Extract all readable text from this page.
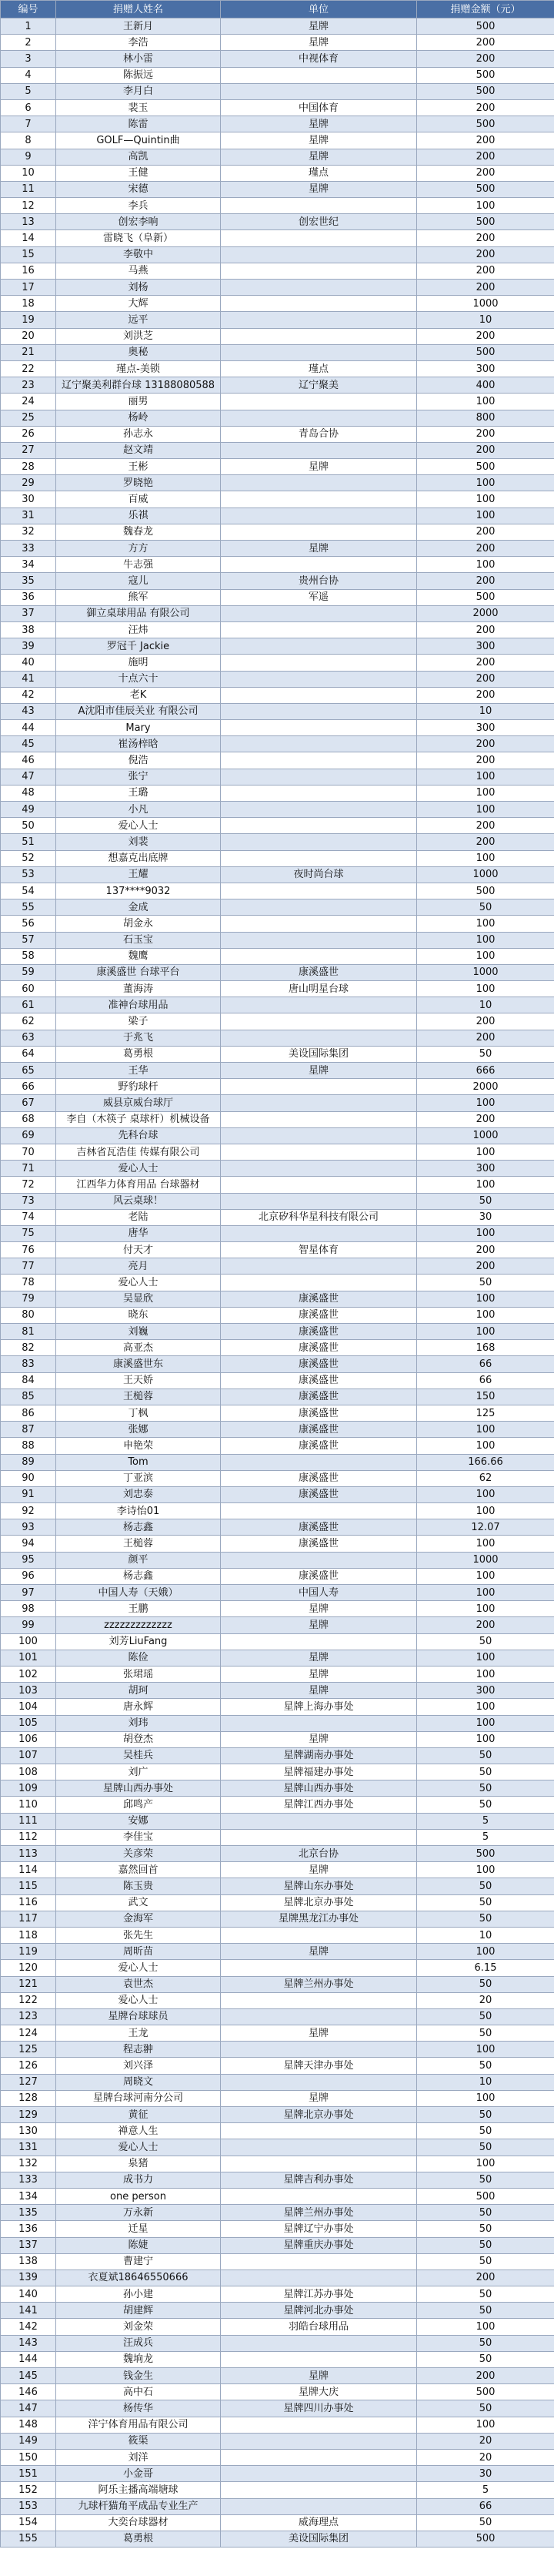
编号	捐赠人姓名	单位	捐赠金额（元）
1	王新月	星牌	500
2	李浩	星牌	200
3	林小雷	中视体育	200
4	陈振远		500
5	李月白		500
6	裴玉	中国体育	200
7	陈雷	星牌	500
8	GOLF—Quintin曲	星牌	200
9	高凯	星牌	200
10	王健	瑾点	200
11	宋德	星牌	500
12	李兵		100
13	创宏李响	创宏世纪	500
14	雷晓飞（阜新）		200
15	李敬中		200
16	马燕		200
17	刘杨		200
18	大辉		1000
19	远平		10
20	刘洪芝		200
21	奥秘		500
22	瑾点-美锁	瑾点	300
23	辽宁聚美利群台球 13188080588	辽宁聚美	400
24	丽男		100
25	杨岭		800
26	孙志永	青岛合协	200
27	赵文靖		200
28	王彬	星牌	500
29	罗晓艳		100
30	百威		100
31	乐祺		100
32	魏春龙		200
33	方方	星牌	200
34	牛志强		100
35	寇儿	贵州台协	200
36	熊军	军遥	500
37	御立桌球用品 有限公司		2000
38	汪炜		200
39	罗冠千 Jackie		300
40	施明		200
41	十点六十		200
42	老K		200
43	A沈阳市佳辰关业 有限公司		10
44	Mary		300
45	崔汤梓晗		200
46	倪浩		200
47	张宁		100
48	王璐		100
49	小凡		100
50	爱心人士		200
51	刘裴		200
52	想嘉克出底牌		100
53	王耀	夜时尚台球	1000
54	137****9032		500
55	金成		50
56	胡金永		100
57	石玉宝		100
58	魏鹰		100
59	康溪盛世 台球平台	康溪盛世	1000
60	董海涛	唐山明星台球	100
61	准神台球用品		10
62	梁子		200
63	于兆飞		200
64	葛勇根	美设国际集团	50
65	王华	星牌	666
66	野豹球杆		2000
67	威县京威台球厅		100
68	李自（木筷子 桌球杆）机械设备		200
69	先科台球		1000
70	吉林省瓦浩佳 传媒有限公司		100
71	爱心人士		300
72	江西华力体育用品 台球器材		100
73	风云桌球！		50
74	老陆	北京矽科华星科技有限公司	30
75	唐华		100
76	付天才	智星体育	200
77	亮月		200
78	爱心人士		50
79	吴显欣	康溪盛世	100
80	晓东	康溪盛世	100
81	刘巍	康溪盛世	100
82	高亚杰	康溪盛世	168
83	康溪盛世东	康溪盛世	66
84	王天娇	康溪盛世	66
85	王槌蓉	康溪盛世	150
86	丁枫	康溪盛世	125
87	张娜	康溪盛世	100
88	申艳荣	康溪盛世	100
89	Tom		166.66
90	丁亚滨	康溪盛世	62
91	刘忠泰	康溪盛世	100
92	李诗怡01		100
93	杨志鑫	康溪盛世	12.07
94	王槌蓉	康溪盛世	100
95	颜平		1000
96	杨志鑫	康溪盛世	100
97	中国人寿（天娥）	中国人寿	100
98	王鹏	星牌	100
99	zzzzzzzzzzzzz	星牌	200
100	刘芳LiuFang		50
101	陈俭	星牌	100
102	张珺瑶	星牌	100
103	胡珂	星牌	300
104	唐永辉	星牌上海办事处	100
105	刘玮		100
106	胡登杰	星牌	100
107	吴桂兵	星牌湖南办事处	50
108	刘广	星牌福建办事处	50
109	星牌山西办事处	星牌山西办事处	50
110	邱鸣产	星牌江西办事处	50
111	安娜		5
112	李佳宝		5
113	关彦荣	北京台协	500
114	嘉然回首	星牌	100
115	陈玉贵	星牌山东办事处	50
116	武文	星牌北京办事处	50
117	金海军	星牌黑龙江办事处	50
118	张先生		10
119	周昕苗	星牌	100
120	爱心人士		6.15
121	袁世杰	星牌兰州办事处	50
122	爱心人士		20
123	星牌台球球员		50
124	王龙	星牌	50
125	程志翀		100
126	刘兴泽	星牌天津办事处	50
127	周晓文		10
128	星牌台球河南分公司	星牌	100
129	黄征	星牌北京办事处	50
130	禅意人生		50
131	爱心人士		50
132	泉猪		100
133	成书力	星牌吉利办事处	50
134	one person		500
135	万永新	星牌兰州办事处	50
136	迁星	星牌辽宁办事处	50
137	陈婕	星牌重庆办事处	50
138	曹建宁		50
139	衣夏斌18646550666		200
140	孙小建	星牌江苏办事处	50
141	胡建辉	星牌河北办事处	50
142	刘金荣	羽皓台球用品	100
143	汪成兵		50
144	魏垧龙		50
145	钱金生	星牌	200
146	高中石	星牌大庆	500
147	杨传华	星牌四川办事处	50
148	洋宁体育用品有限公司		100
149	筱渠		20
150	刘洋		20
151	小金哥		30
152	阿乐主播高端塘球		5
153	九球杆猫角平成品专业生产		66
154	大奕台球器材	威海理点	50
155	葛勇根	美设国际集团	500
